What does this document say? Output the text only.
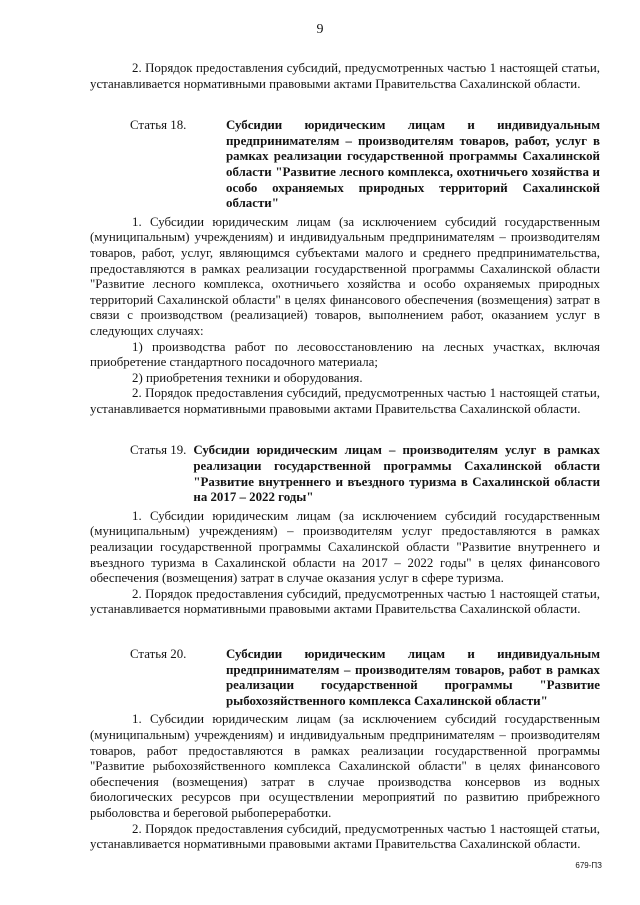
9

2. Порядок предоставления субсидий, предусмотренных частью 1 настоящей статьи, устанавливается нормативными правовыми актами Правительства Сахалинской области.

Статья 18.	Субсидии юридическим лицам и индивидуальным предпринимателям – производителям товаров, работ, услуг в рамках реализации государственной программы Сахалинской области "Развитие лесного комплекса, охотничьего хозяйства и особо охраняемых природных территорий Сахалинской области"

1. Субсидии юридическим лицам (за исключением субсидий государственным (муниципальным) учреждениям) и индивидуальным предпринимателям – производителям товаров, работ, услуг, являющимся субъектами малого и среднего предпринимательства, предоставляются в рамках реализации государственной программы Сахалинской области "Развитие лесного комплекса, охотничьего хозяйства и особо охраняемых природных территорий Сахалинской области" в целях финансового обеспечения (возмещения) затрат в связи с производством (реализацией) товаров, выполнением работ, оказанием услуг в следующих случаях:

1) производства работ по лесовосстановлению на лесных участках, включая приобретение стандартного посадочного материала;

2) приобретения техники и оборудования.

2. Порядок предоставления субсидий, предусмотренных частью 1 настоящей статьи, устанавливается нормативными правовыми актами Правительства Сахалинской области.

Статья 19. Субсидии юридическим лицам – производителям услуг в рамках реализации государственной программы Сахалинской области "Развитие внутреннего и въездного туризма в Сахалинской области на 2017 – 2022 годы"

1. Субсидии юридическим лицам (за исключением субсидий государственным (муниципальным) учреждениям) – производителям услуг предоставляются в рамках реализации государственной программы Сахалинской области "Развитие внутреннего и въездного туризма в Сахалинской области на 2017 – 2022 годы" в целях финансового обеспечения (возмещения) затрат в случае оказания услуг в сфере туризма.

2. Порядок предоставления субсидий, предусмотренных частью 1 настоящей статьи, устанавливается нормативными правовыми актами Правительства Сахалинской области.

Статья 20.	Субсидии юридическим лицам и индивидуальным предпринимателям – производителям товаров, работ в рамках реализации государственной программы "Развитие рыбохозяйственного комплекса Сахалинской области"

1. Субсидии юридическим лицам (за исключением субсидий государственным (муниципальным) учреждениям) и индивидуальным предпринимателям – производителям товаров, работ предоставляются в рамках реализации государственной программы "Развитие рыбохозяйственного комплекса Сахалинской области" в целях финансового обеспечения (возмещения) затрат в случае производства консервов из водных биологических ресурсов при осуществлении мероприятий по развитию прибрежного рыболовства и береговой рыбопереработки.

2. Порядок предоставления субсидий, предусмотренных частью 1 настоящей статьи, устанавливается нормативными правовыми актами Правительства Сахалинской области.

679-ПЗ
